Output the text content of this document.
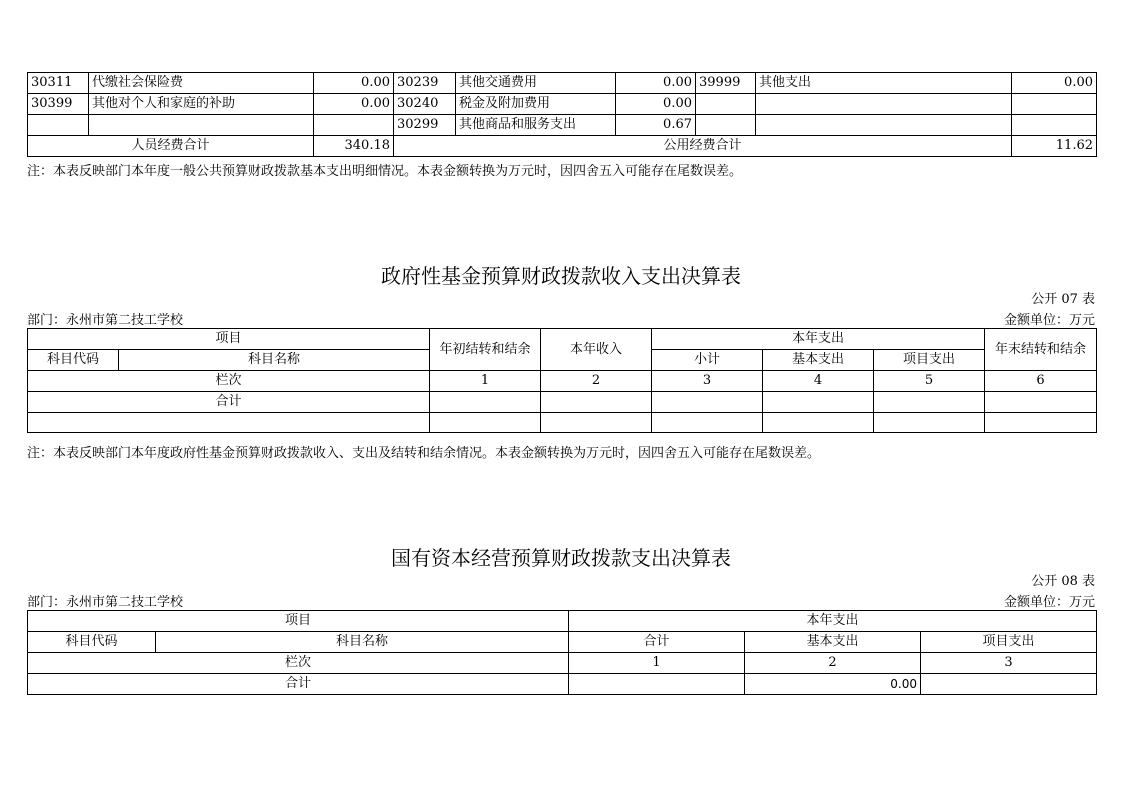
30311	代缴社会保险费	0.00	30239	其他交通费用	0.00	39999	其他支出	0.00
30399	其他对个人和家庭的补助	0.00	30240	税金及附加费用	0.00			
			30299	其他商品和服务支出	0.67			
人员经费合计		340.18	公用经费合计					11.62
注：本表反映部门本年度一般公共预算财政拨款基本支出明细情况。本表金额转换为万元时，因四舍五入可能存在尾数误差。
政府性基金预算财政拨款收入支出决算表
公开 07 表
部门：永州市第二技工学校	金额单位：万元
项目		年初结转和结余	本年收入	本年支出			年末结转和结余
科目代码	科目名称			小计	基本支出	项目支出	
栏次		1	2	3	4	5	6
合计							

注：本表反映部门本年度政府性基金预算财政拨款收入、支出及结转和结余情况。本表金额转换为万元时，因四舍五入可能存在尾数误差。
国有资本经营预算财政拨款支出决算表
公开 08 表
部门：永州市第二技工学校	金额单位：万元
项目		本年支出		
科目代码	科目名称	合计	基本支出	项目支出
栏次		1	2	3
合计			0.00	
